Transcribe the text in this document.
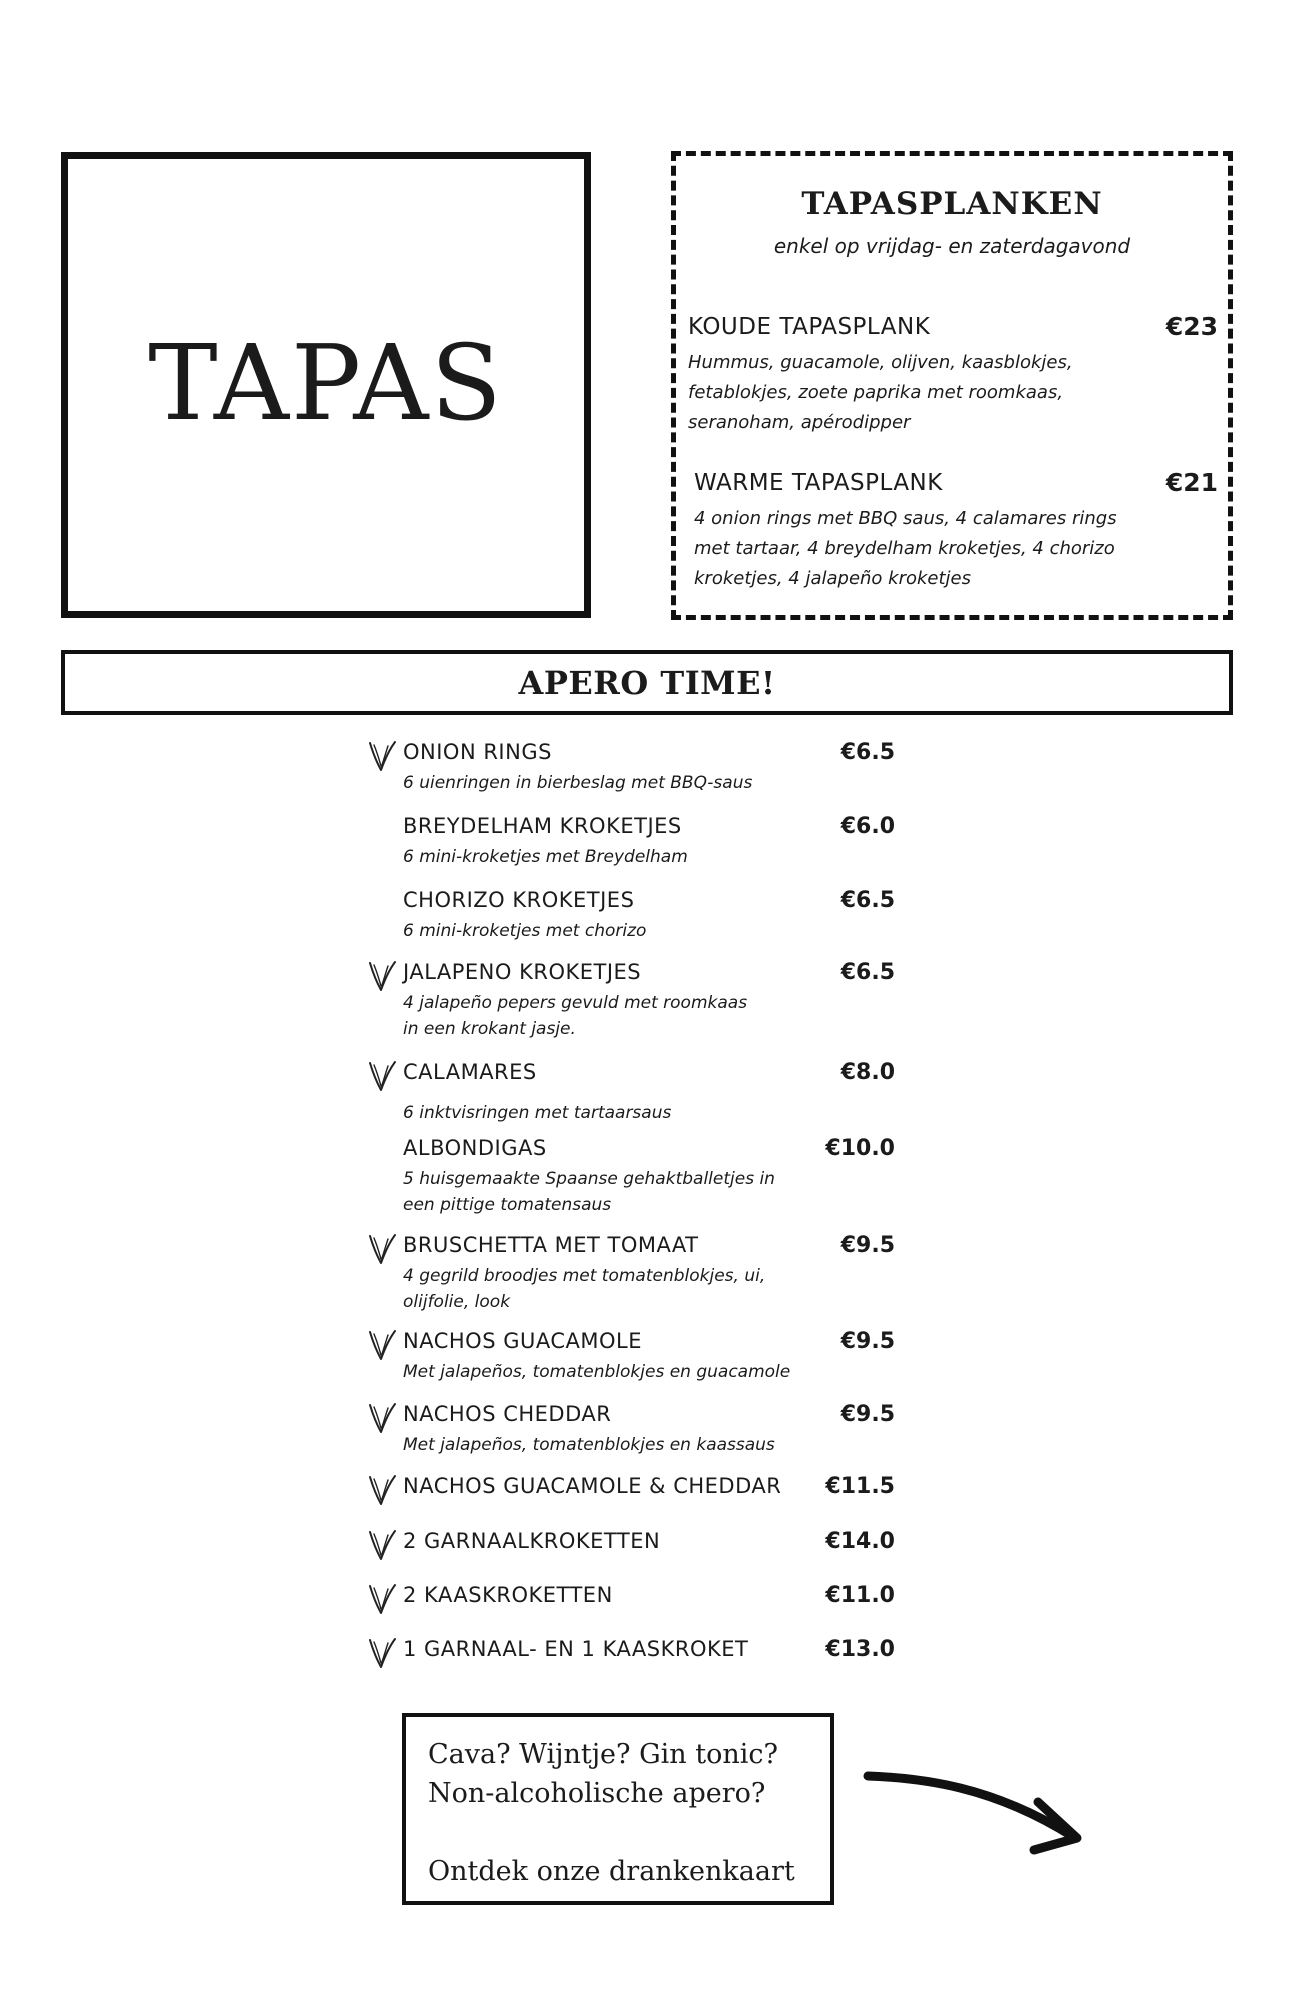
TAPAS
TAPASPLANKEN
enkel op vrijdag- en zaterdagavond
KOUDE TAPASPLANK	€23
Hummus, guacamole, olijven, kaasblokjes, fetablokjes, zoete paprika met roomkaas, seranoham, apérodipper
WARME TAPASPLANK	€21
4 onion rings met BBQ saus, 4 calamares rings met tartaar, 4 breydelham kroketjes, 4 chorizo kroketjes, 4 jalapeño kroketjes
APERO TIME!
ONION RINGS	€6.5
6 uienringen in bierbeslag met BBQ-saus
BREYDELHAM KROKETJES	€6.0
6 mini-kroketjes met Breydelham
CHORIZO KROKETJES	€6.5
6 mini-kroketjes met chorizo
JALAPENO KROKETJES	€6.5
4 jalapeño pepers gevuld met roomkaas
in een krokant jasje.
CALAMARES	€8.0
6 inktvisringen met tartaarsaus
ALBONDIGAS	€10.0
5 huisgemaakte Spaanse gehaktballetjes in
een pittige tomatensaus
BRUSCHETTA MET TOMAAT	€9.5
4 gegrild broodjes met tomatenblokjes, ui,
olijfolie, look
NACHOS GUACAMOLE	€9.5
Met jalapeños, tomatenblokjes en guacamole
NACHOS CHEDDAR	€9.5
Met jalapeños, tomatenblokjes en kaassaus
NACHOS GUACAMOLE & CHEDDAR €11.5
2 GARNAALKROKETTEN	€14.0
2 KAASKROKETTEN	€11.0
1 GARNAAL- EN 1 KAASKROKET	€13.0
Cava? Wijntje? Gin tonic?
Non-alcoholische apero?
Ontdek onze drankenkaart
